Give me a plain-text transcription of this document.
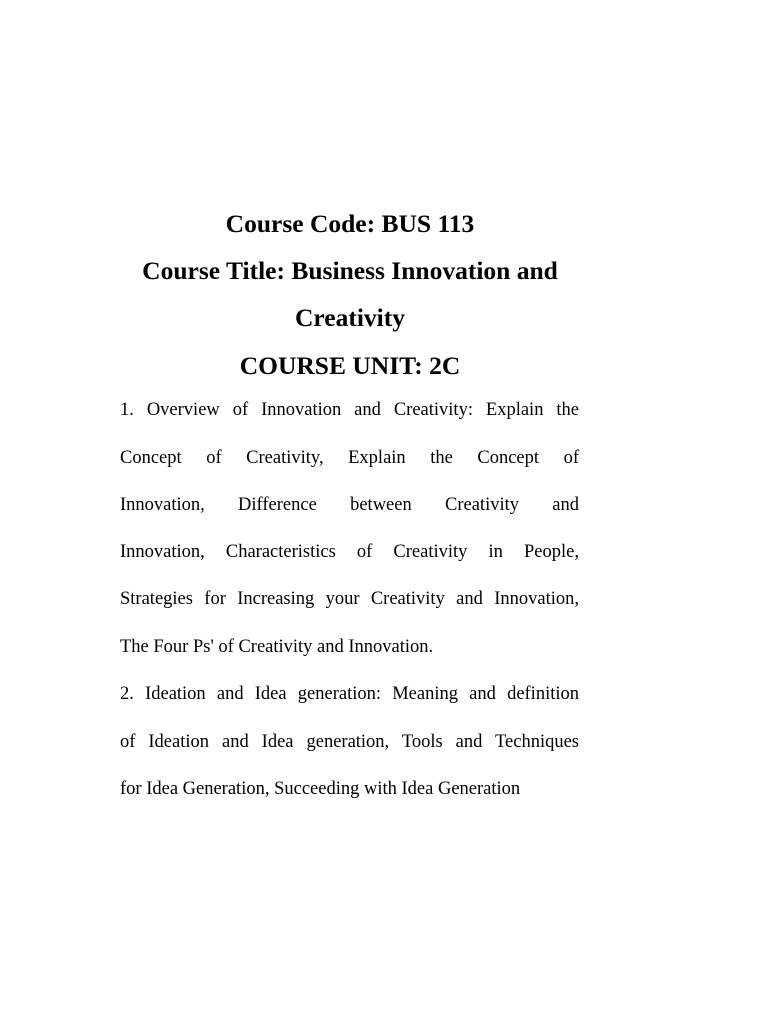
Course Code: BUS 113
Course Title: Business Innovation and
Creativity
COURSE UNIT: 2C
1. Overview of Innovation and Creativity: Explain the
Concept of Creativity, Explain the Concept of
Innovation, Difference between Creativity and
Innovation, Characteristics of Creativity in People,
Strategies for Increasing your Creativity and Innovation,
The Four Ps' of Creativity and Innovation.
2. Ideation and Idea generation: Meaning and definition
of Ideation and Idea generation, Tools and Techniques
for Idea Generation, Succeeding with Idea Generation
